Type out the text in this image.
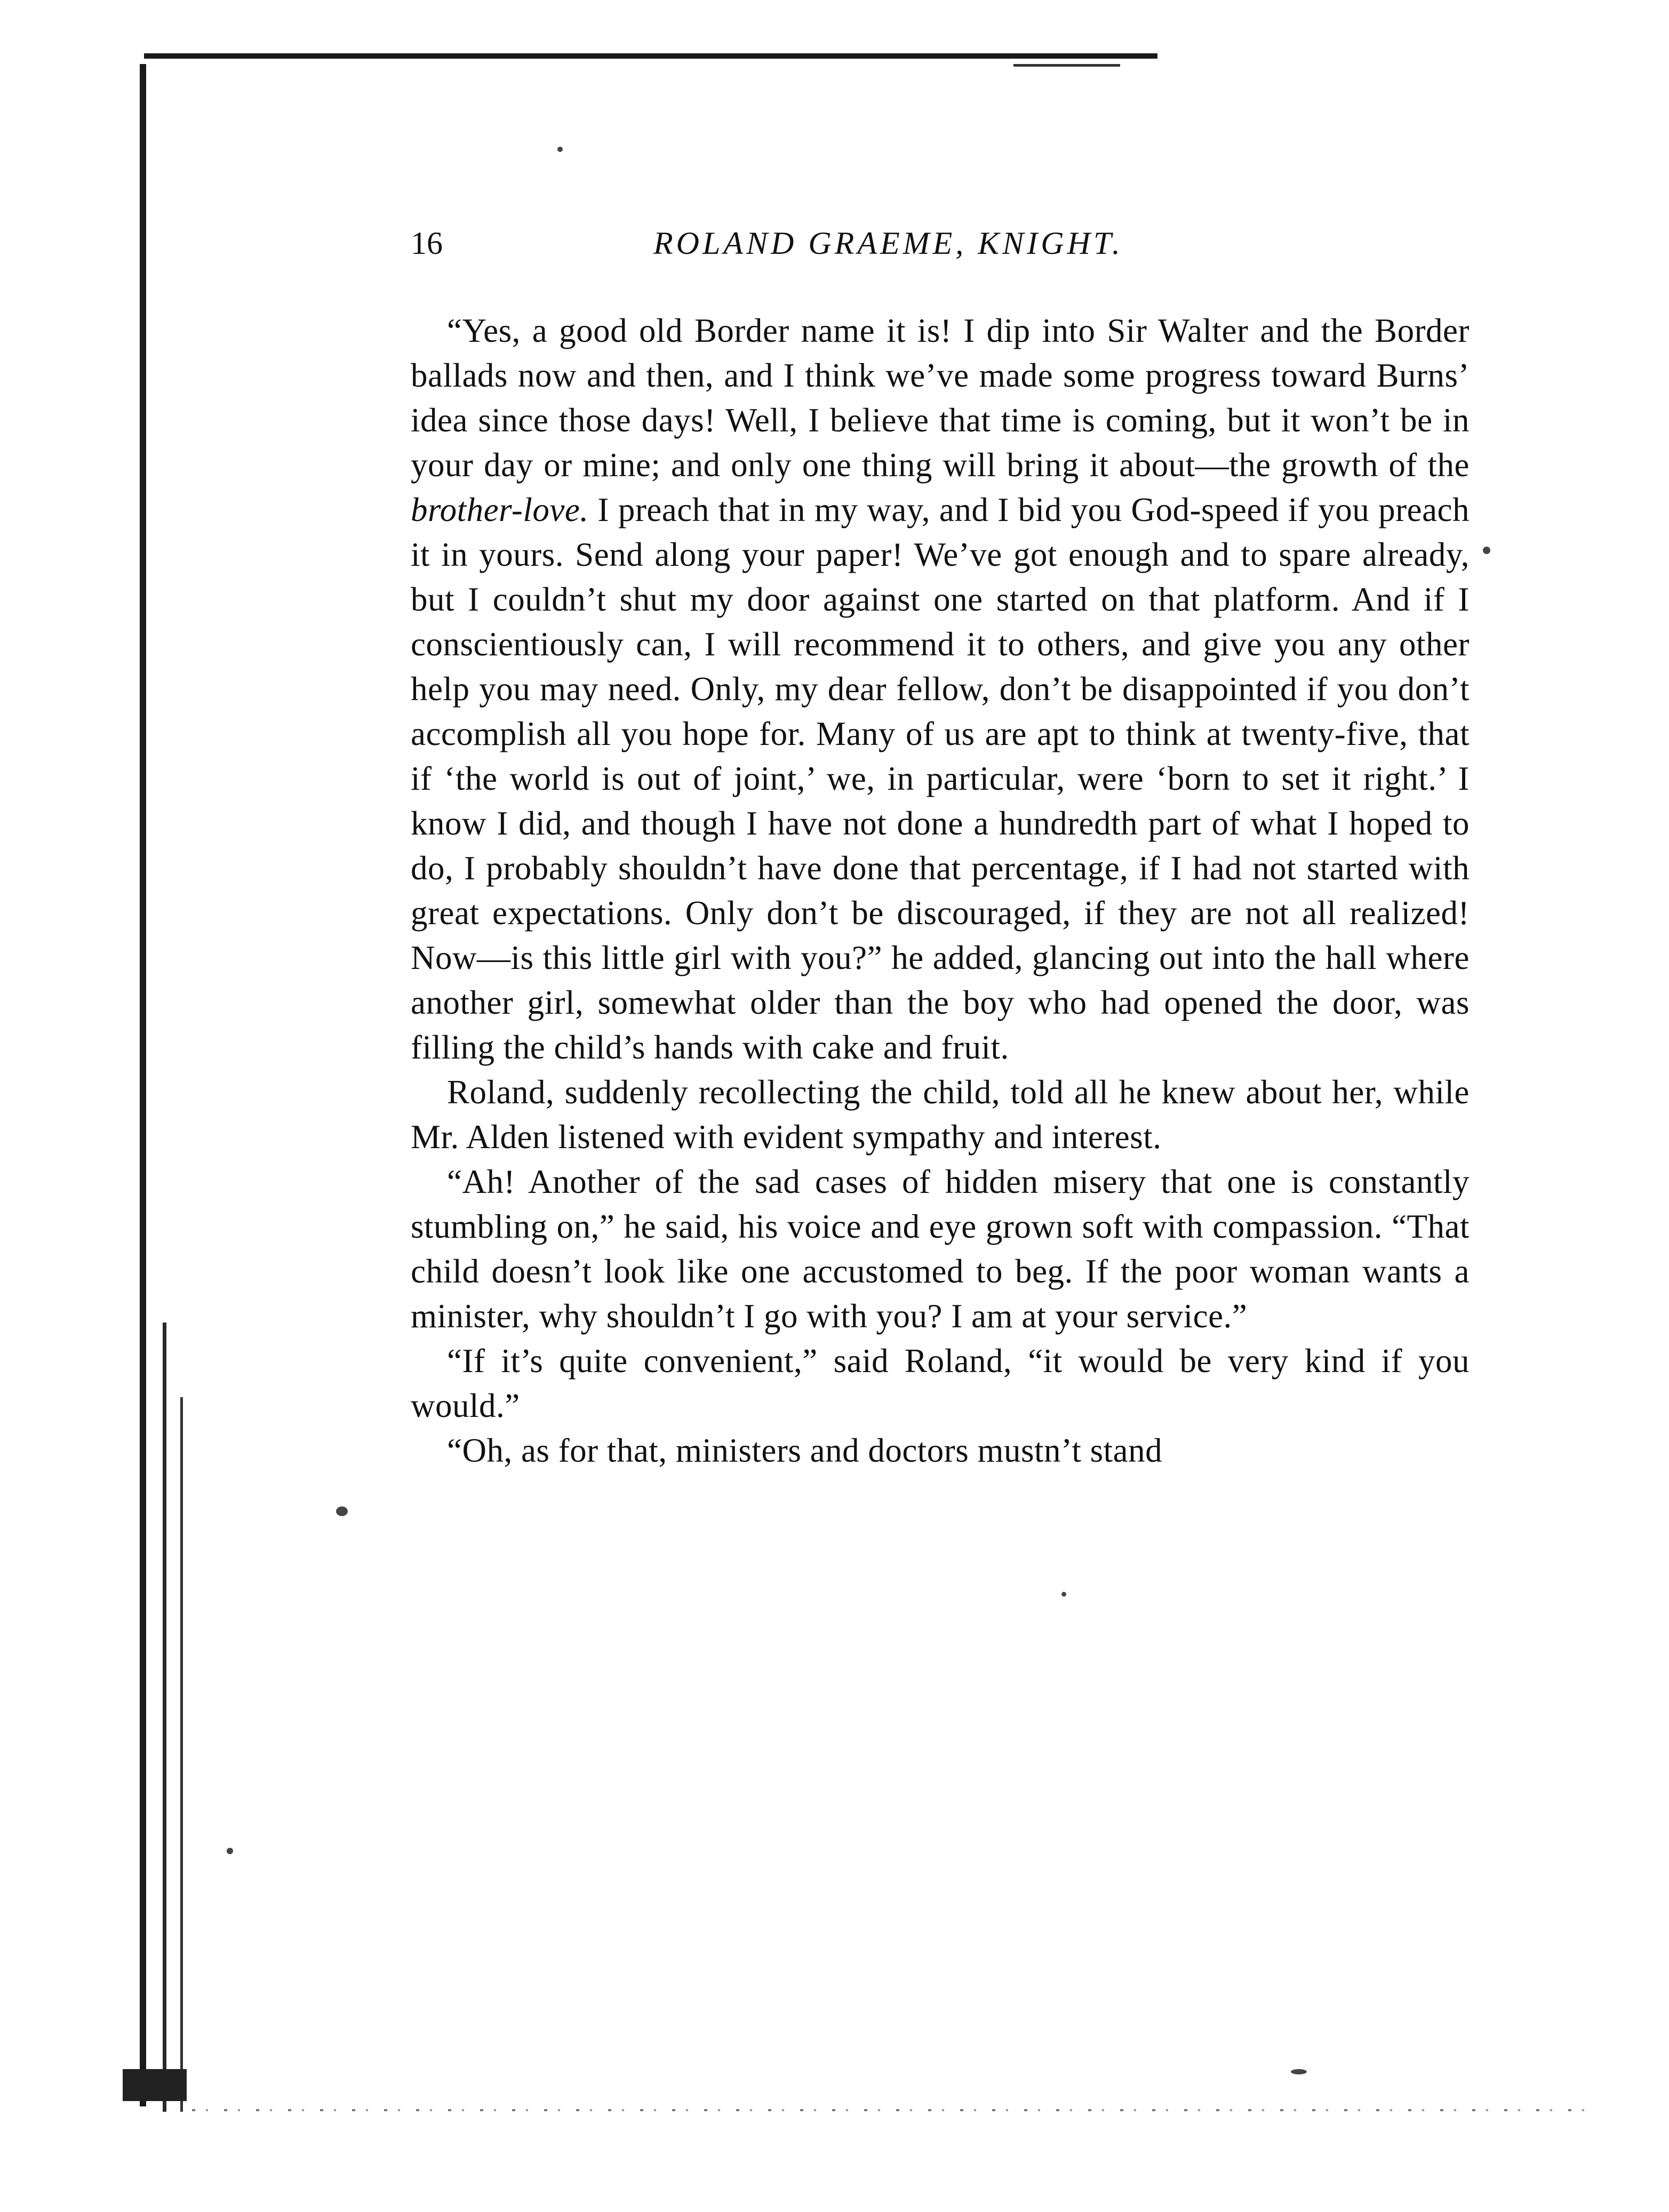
16	ROLAND GRAEME, KNIGHT.

“Yes, a good old Border name it is! I dip into Sir Walter and the Border ballads now and then, and I think we’ve made some progress toward Burns’ idea since those days! Well, I believe that time is coming, but it won’t be in your day or mine; and only one thing will bring it about—the growth of the brother-love. I preach that in my way, and I bid you God-speed if you preach it in yours. Send along your paper! We’ve got enough and to spare already, but I couldn’t shut my door against one started on that platform. And if I conscientiously can, I will recommend it to others, and give you any other help you may need. Only, my dear fellow, don’t be disappointed if you don’t accomplish all you hope for. Many of us are apt to think at twenty-five, that if ‘the world is out of joint,’ we, in particular, were ‘born to set it right.’ I know I did, and though I have not done a hundredth part of what I hoped to do, I probably shouldn’t have done that percentage, if I had not started with great expectations. Only don’t be discouraged, if they are not all realized! Now—is this little girl with you?” he added, glancing out into the hall where another girl, somewhat older than the boy who had opened the door, was filling the child’s hands with cake and fruit.

Roland, suddenly recollecting the child, told all he knew about her, while Mr. Alden listened with evident sympathy and interest.

“Ah! Another of the sad cases of hidden misery that one is constantly stumbling on,” he said, his voice and eye grown soft with compassion. “That child doesn’t look like one accustomed to beg. If the poor woman wants a minister, why shouldn’t I go with you? I am at your service.”

“If it’s quite convenient,” said Roland, “it would be very kind if you would.”

“Oh, as for that, ministers and doctors mustn’t stand
